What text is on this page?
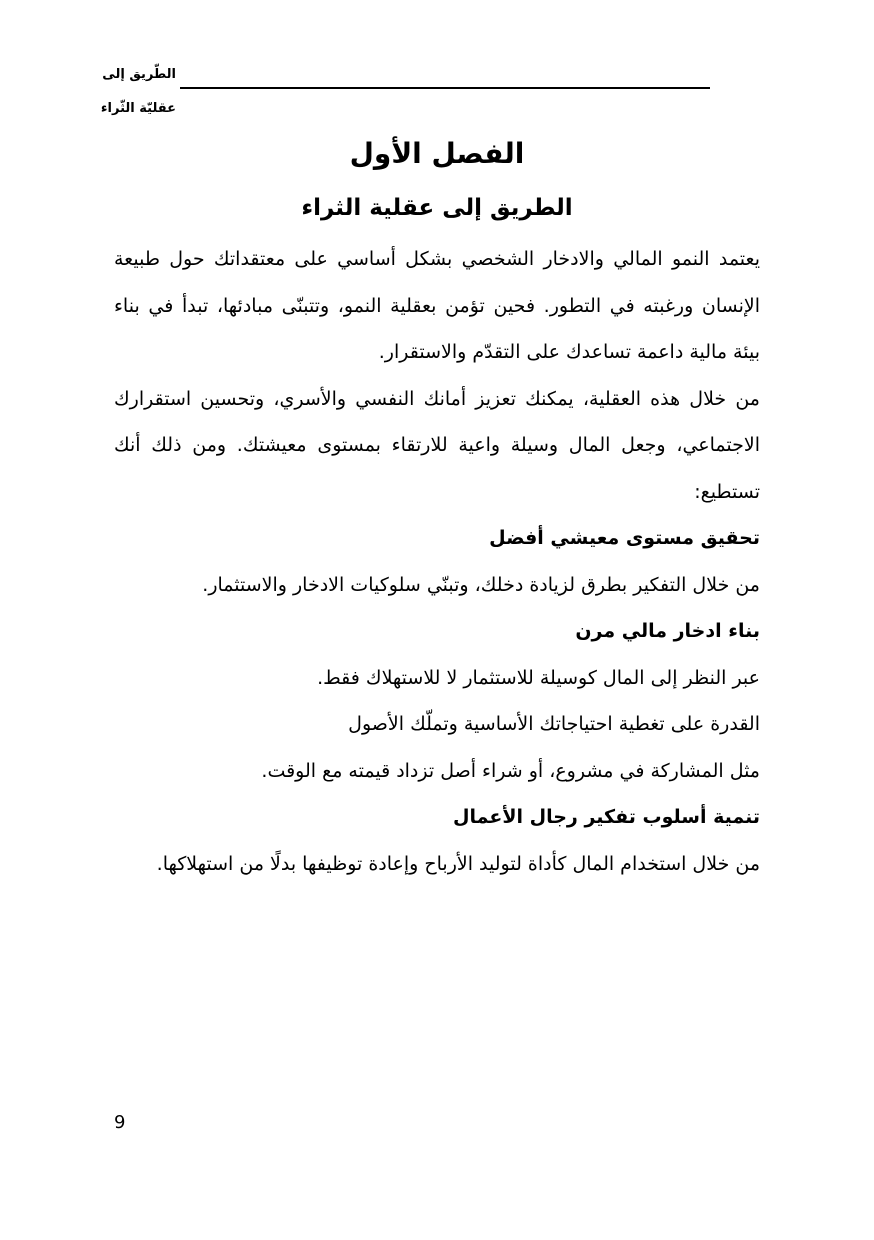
الطّريق إلى
عقليّة الثّراء
الفصل الأول
الطريق إلى عقلية الثراء

يعتمد النمو المالي والادخار الشخصي بشكل أساسي على معتقداتك حول طبيعة الإنسان ورغبته في التطور. فحين تؤمن بعقلية النمو، وتتبنّى مبادئها، تبدأ في بناء بيئة مالية داعمة تساعدك على التقدّم والاستقرار.

من خلال هذه العقلية، يمكنك تعزيز أمانك النفسي والأسري، وتحسين استقرارك الاجتماعي، وجعل المال وسيلة واعية للارتقاء بمستوى معيشتك. ومن ذلك أنك تستطيع:

تحقيق مستوى معيشي أفضل

من خلال التفكير بطرق لزيادة دخلك، وتبنّي سلوكيات الادخار والاستثمار.

بناء ادخار مالي مرن

عبر النظر إلى المال كوسيلة للاستثمار لا للاستهلاك فقط.

القدرة على تغطية احتياجاتك الأساسية وتملّك الأصول

مثل المشاركة في مشروع، أو شراء أصل تزداد قيمته مع الوقت.

تنمية أسلوب تفكير رجال الأعمال

من خلال استخدام المال كأداة لتوليد الأرباح وإعادة توظيفها بدلًا من استهلاكها.

9
